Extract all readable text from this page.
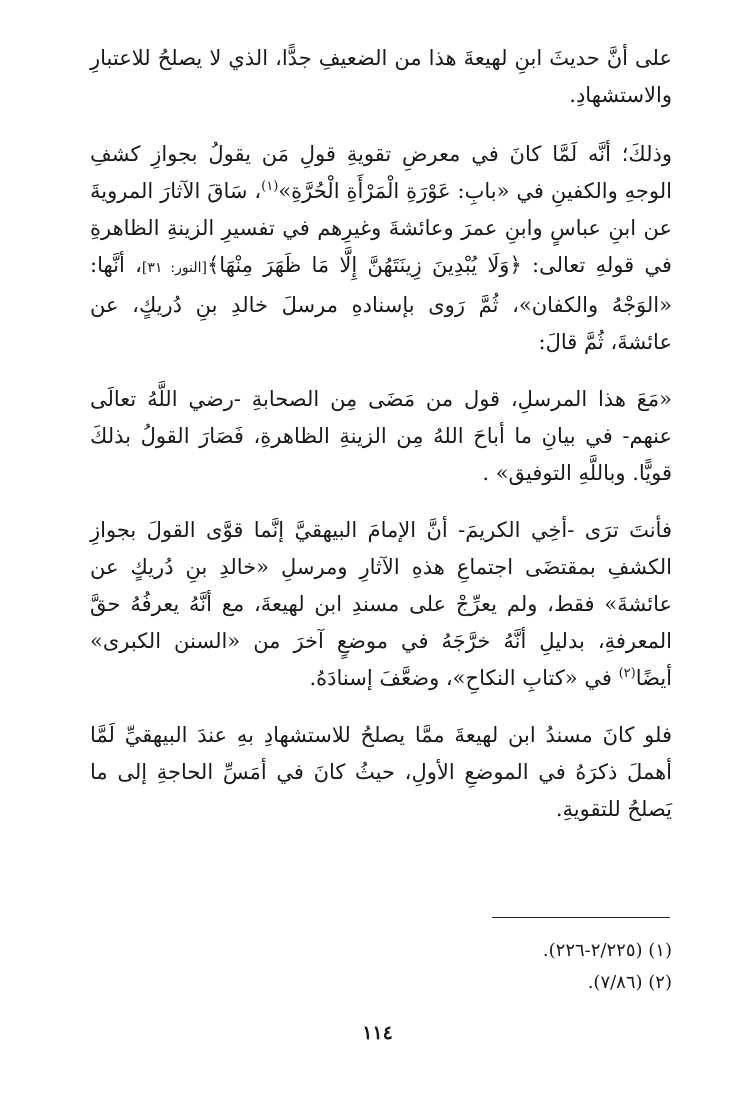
على أنَّ حديثَ ابنِ لهيعةَ هذا من الضعيفِ جدًّا، الذي لا يصلحُ للاعتبارِ والاستشهادِ.

وذلكَ؛ أنَّه لَمَّا كانَ في معرضِ تقويةِ قولِ مَن يقولُ بجوازِ كشفِ الوجهِ والكفينِ في «بابِ: عَوْرَةِ الْمَرْأَةِ الْحُرَّةِ»$^{(١)}$، سَاقَ الآثارَ المرويةَ عن ابنِ عباسٍ وابنِ عمرَ وعائشةَ وغيرِهم في تفسيرِ الزينةِ الظاهرةِ في قولهِ تعالى: ﴿وَلَا يُبْدِينَ زِينَتَهُنَّ إِلَّا مَا ظَهَرَ مِنْهَا﴾[النور: ٣١]، أنَّها: «الوَجْهُ والكفان»، ثُمَّ رَوى بإسنادهِ مرسلَ خالدِ بنِ دُريكٍ، عن عائشةَ، ثُمَّ قالَ:

«مَعَ هذا المرسلِ، قول من مَضَى مِن الصحابةِ -رضي اللَّهُ تعالَى عنهم- في بيانِ ما أباحَ اللهُ مِن الزينةِ الظاهرةِ، فَصَارَ القولُ بذلكَ قويًّا. وباللَّهِ التوفيق» .

فأنتَ ترَى -أخِي الكريمَ- أنَّ الإمامَ البيهقيَّ إنَّما قوَّى القولَ بجوازِ الكشفِ بمقتضَى اجتماعِ هذهِ الآثارِ ومرسلِ «خالدِ بنِ دُريكٍ عن عائشةَ» فقط، ولم يعرِّجْ على مسندِ ابن لهيعةَ، مع أنَّهُ يعرفُهُ حقَّ المعرفةِ، بدليلِ أنَّهُ خرَّجَهُ في موضعٍ آخرَ من «السنن الكبرى» أيضًا$^{(٢)}$ في «كتابِ النكاحِ»، وضعَّفَ إسنادَهُ.

فلو كانَ مسندُ ابن لهيعةَ ممَّا يصلحُ للاستشهادِ بهِ عندَ البيهقيِّ لَمَّا أهملَ ذكرَهُ في الموضعِ الأولِ، حيثُ كانَ في أمَسِّ الحاجةِ إلى ما يَصلحُ للتقويةِ.

(١) (٢/٢٢٥-٢٢٦).
(٢) (٧/٨٦).
١١٤
